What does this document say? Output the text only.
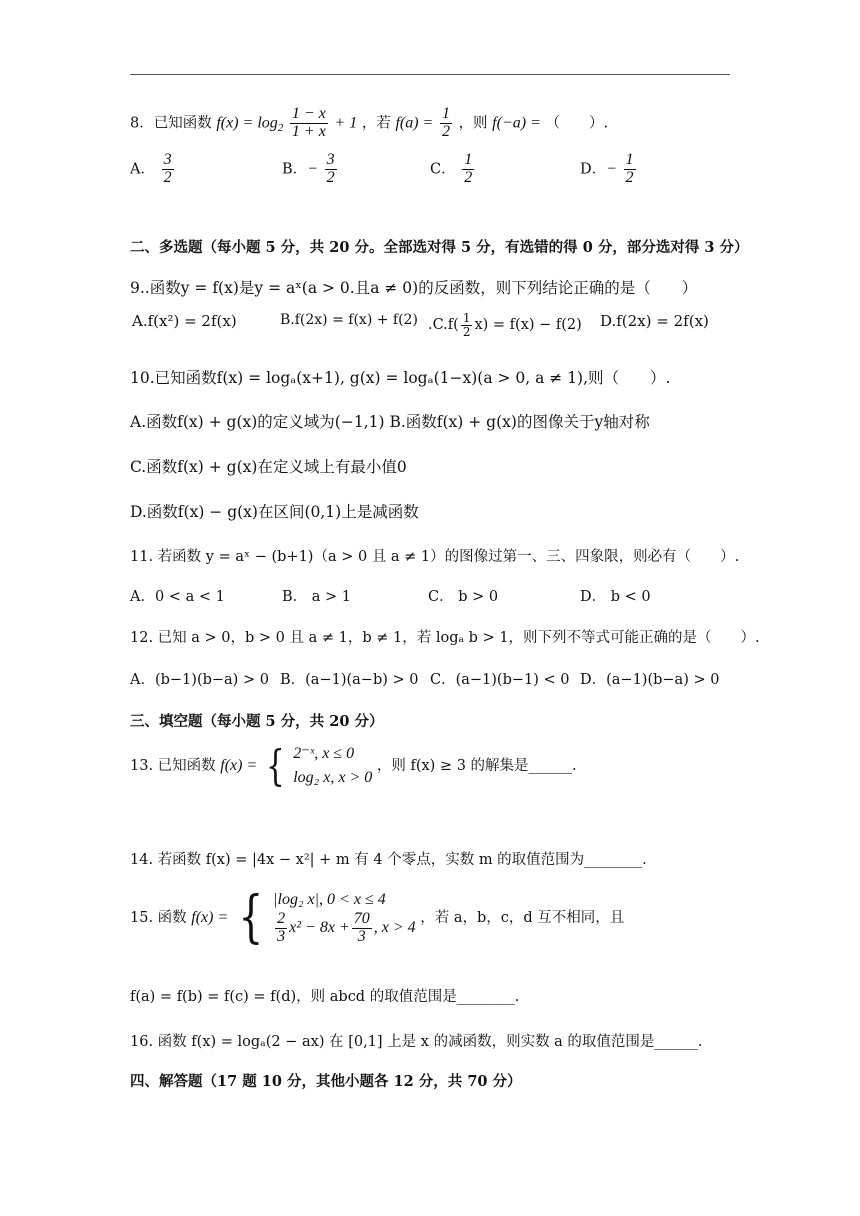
8．已知函数 $f(x) = \log_2 \frac{1 - x}{1 + x} + 1$ ，若 $f(a) = \frac{1}{2}$ ，则 f(−a) = （　　）.
A． $\frac{3}{2}$	B．− $\frac{3}{2}$	C． $\frac{1}{2}$	D．− $\frac{1}{2}$
二、多选题（每小题 5 分，共 20 分。全部选对得 5 分，有选错的得 0 分，部分选对得 3 分）
9..函数y = f(x)是y = aˣ(a > 0.且a ≠ 0)的反函数，则下列结论正确的是（　　）
A.f(x²) = 2f(x)	B.f(2x) = f(x) + f(2) $.C.f( \frac{1}{2} x) = f(x) - f(2)$ D.f(2x) = 2f(x)
10.已知函数f(x) = logₐ(x+1), g(x) = logₐ(1−x)(a > 0, a ≠ 1),则（　　）.
A.函数f(x) + g(x)的定义域为(−1,1) B.函数f(x) + g(x)的图像关于y轴对称
C.函数f(x) + g(x)在定义域上有最小值0
D.函数f(x) − g(x)在区间(0,1)上是减函数
11. 若函数 y = aˣ − (b+1)（a > 0 且 a ≠ 1）的图像过第一、三、四象限，则必有（　　）.
A．0 < a < 1	B． a > 1	C． b > 0	D． b < 0
12. 已知 a > 0，b > 0 且 a ≠ 1，b ≠ 1，若 logₐ b > 1，则下列不等式可能正确的是（　　）.
A．(b−1)(b−a) > 0 B．(a−1)(a−b) > 0 C．(a−1)(b−1) < 0 D．(a−1)(b−a) > 0
三、填空题（每小题 5 分，共 20 分）
13. 已知函数 f(x) = { 2⁻ˣ, x ≤ 0
log₂ x, x > 0
，则 f(x) ≥ 3 的解集是______.
14. 若函数 f(x) = |4x − x²| + m 有 4 个零点，实数 m 的取值范围为________.
15. 函数 f(x) = { |log₂ x|, 0 < x ≤ 4
$\frac{2}{3} x^2 - 8x + \frac{70}{3}$ , x > 4
，若 a，b，c，d 互不相同，且
f(a) = f(b) = f(c) = f(d)，则 abcd 的取值范围是________.
16. 函数 f(x) = logₐ(2 − ax) 在 [0,1] 上是 x 的减函数，则实数 a 的取值范围是______.
四、解答题（17 题 10 分，其他小题各 12 分，共 70 分）
